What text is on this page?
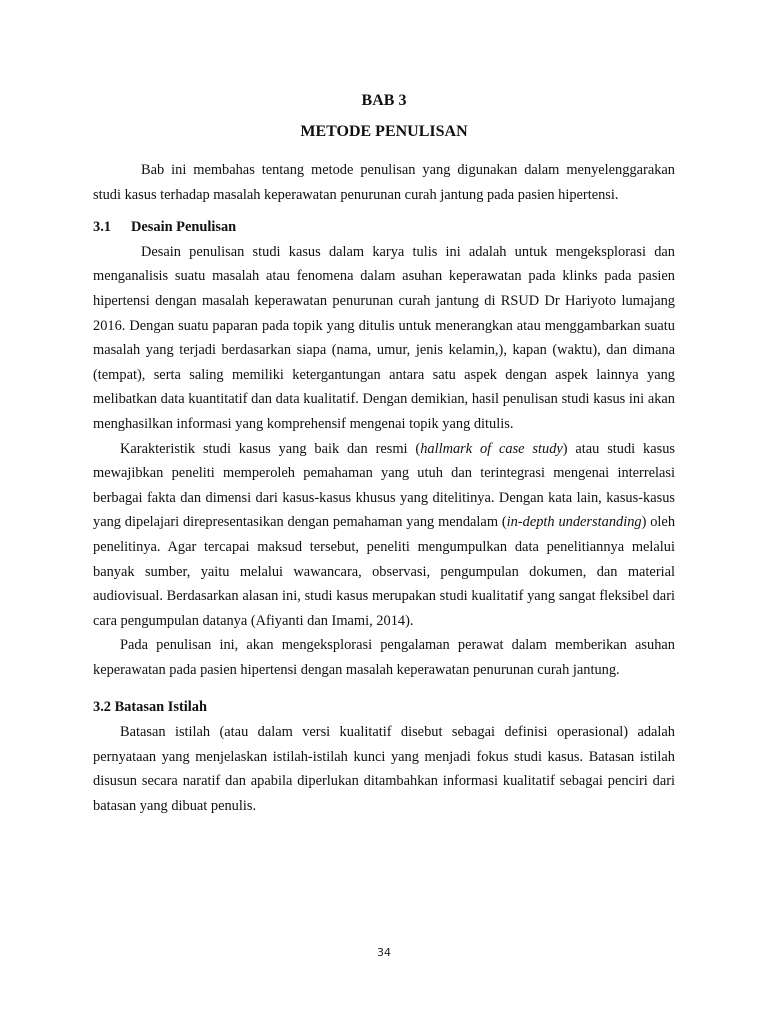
BAB 3
METODE PENULISAN

Bab ini membahas tentang metode penulisan yang digunakan dalam menyelenggarakan studi kasus terhadap masalah keperawatan penurunan curah jantung pada pasien hipertensi.

3.1 Desain Penulisan

Desain penulisan studi kasus dalam karya tulis ini adalah untuk mengeksplorasi dan menganalisis suatu masalah atau fenomena dalam asuhan keperawatan pada klinks pada pasien hipertensi dengan masalah keperawatan penurunan curah jantung di RSUD Dr Hariyoto lumajang 2016. Dengan suatu paparan pada topik yang ditulis untuk menerangkan atau menggambarkan suatu masalah yang terjadi berdasarkan siapa (nama, umur, jenis kelamin,), kapan (waktu), dan dimana (tempat), serta saling memiliki ketergantungan antara satu aspek dengan aspek lainnya yang melibatkan data kuantitatif dan data kualitatif. Dengan demikian, hasil penulisan studi kasus ini akan menghasilkan informasi yang komprehensif mengenai topik yang ditulis.

Karakteristik studi kasus yang baik dan resmi (hallmark of case study) atau studi kasus mewajibkan peneliti memperoleh pemahaman yang utuh dan terintegrasi mengenai interrelasi berbagai fakta dan dimensi dari kasus-kasus khusus yang ditelitinya. Dengan kata lain, kasus-kasus yang dipelajari direpresentasikan dengan pemahaman yang mendalam (in-depth understanding) oleh penelitinya. Agar tercapai maksud tersebut, peneliti mengumpulkan data penelitiannya melalui banyak sumber, yaitu melalui wawancara, observasi, pengumpulan dokumen, dan material audiovisual. Berdasarkan alasan ini, studi kasus merupakan studi kualitatif yang sangat fleksibel dari cara pengumpulan datanya (Afiyanti dan Imami, 2014).

Pada penulisan ini, akan mengeksplorasi pengalaman perawat dalam memberikan asuhan keperawatan pada pasien hipertensi dengan masalah keperawatan penurunan curah jantung.

3.2 Batasan Istilah

Batasan istilah (atau dalam versi kualitatif disebut sebagai definisi operasional) adalah pernyataan yang menjelaskan istilah-istilah kunci yang menjadi fokus studi kasus. Batasan istilah disusun secara naratif dan apabila diperlukan ditambahkan informasi kualitatif sebagai penciri dari batasan yang dibuat penulis.

34
